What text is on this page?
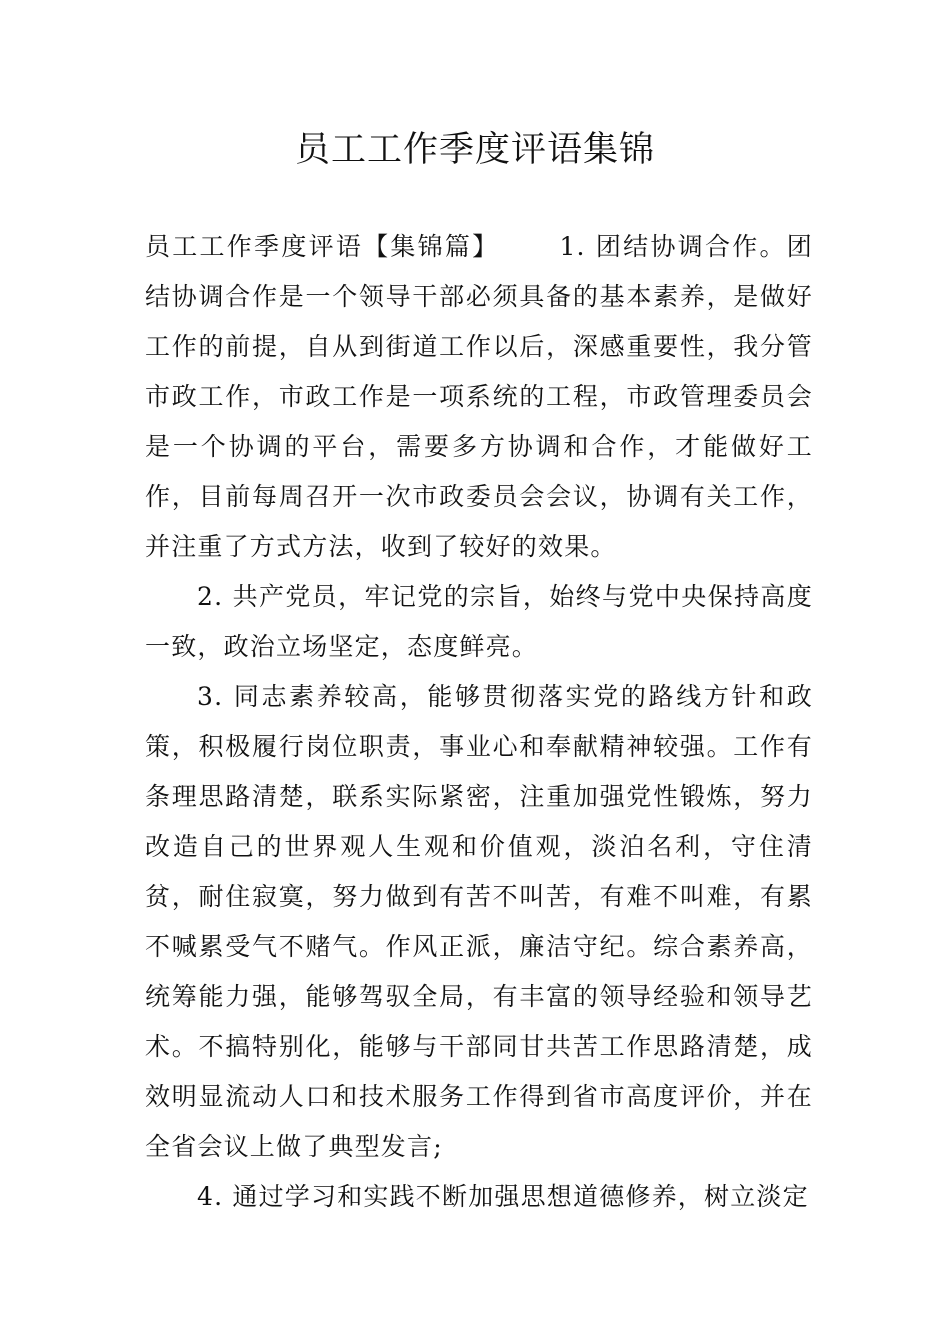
员工工作季度评语集锦

员工工作季度评语【集锦篇】 1. 团结协调合作。团结协调合作是一个领导干部必须具备的基本素养，是做好工作的前提，自从到街道工作以后，深感重要性，我分管市政工作，市政工作是一项系统的工程，市政管理委员会是一个协调的平台，需要多方协调和合作，才能做好工作，目前每周召开一次市政委员会会议，协调有关工作，并注重了方式方法，收到了较好的效果。

2. 共产党员，牢记党的宗旨，始终与党中央保持高度一致，政治立场坚定，态度鲜亮。

3. 同志素养较高，能够贯彻落实党的路线方针和政策，积极履行岗位职责，事业心和奉献精神较强。工作有条理思路清楚，联系实际紧密，注重加强党性锻炼，努力改造自己的世界观人生观和价值观，淡泊名利，守住清贫，耐住寂寞，努力做到有苦不叫苦，有难不叫难，有累不喊累受气不赌气。作风正派，廉洁守纪。综合素养高，统筹能力强，能够驾驭全局，有丰富的领导经验和领导艺术。不搞特别化，能够与干部同甘共苦工作思路清楚，成效明显流动人口和技术服务工作得到省市高度评价，并在全省会议上做了典型发言;

4. 通过学习和实践不断加强思想道德修养，树立淡定
